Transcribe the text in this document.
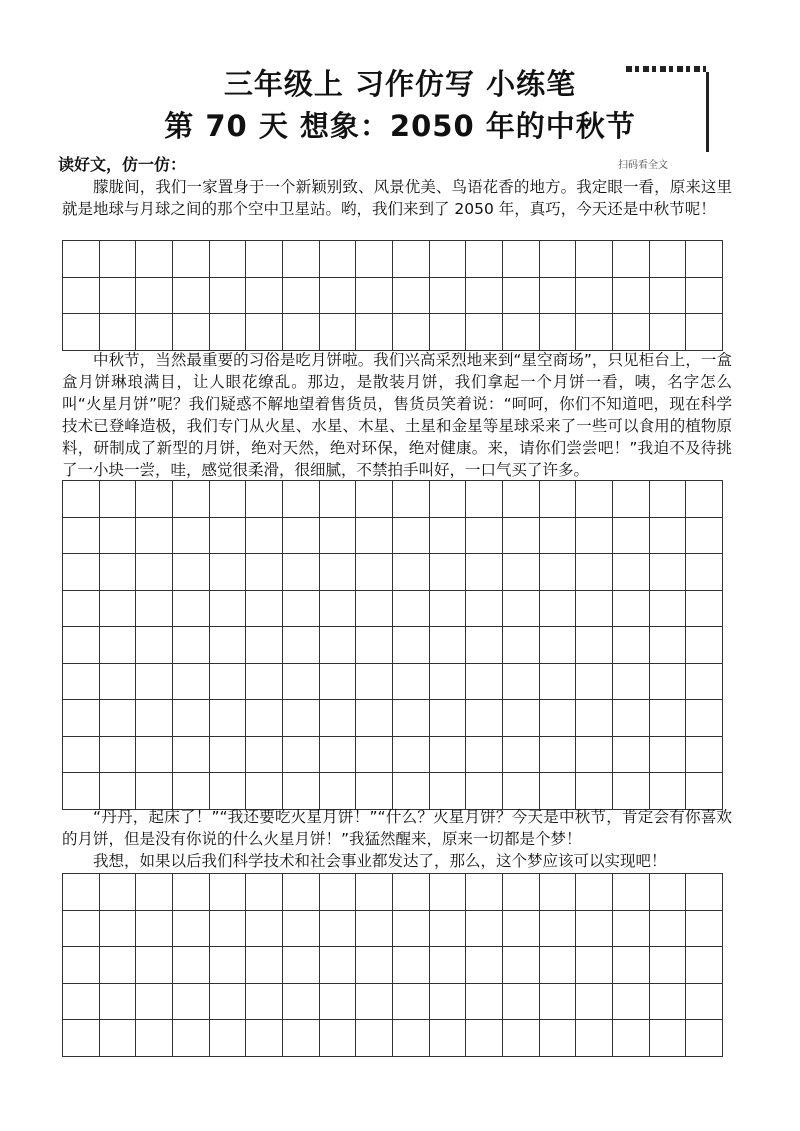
三年级上 习作仿写 小练笔
第 70 天 想象：2050 年的中秋节
扫码看全文
读好文，仿一仿：
朦胧间，我们一家置身于一个新颖别致、风景优美、鸟语花香的地方。我定眼一看，原来这里就是地球与月球之间的那个空中卫星站。哟，我们来到了 2050 年，真巧，今天还是中秋节呢！
中秋节，当然最重要的习俗是吃月饼啦。我们兴高采烈地来到“星空商场”，只见柜台上，一盒盒月饼琳琅满目，让人眼花缭乱。那边，是散装月饼，我们拿起一个月饼一看，咦，名字怎么叫“火星月饼”呢？我们疑惑不解地望着售货员，售货员笑着说：“呵呵，你们不知道吧，现在科学技术已登峰造极，我们专门从火星、水星、木星、土星和金星等星球采来了一些可以食用的植物原料，研制成了新型的月饼，绝对天然，绝对环保，绝对健康。来，请你们尝尝吧！”我迫不及待挑了一小块一尝，哇，感觉很柔滑，很细腻，不禁拍手叫好，一口气买了许多。
“丹丹，起床了！”“我还要吃火星月饼！”“什么？火星月饼？今天是中秋节，肯定会有你喜欢的月饼，但是没有你说的什么火星月饼！”我猛然醒来，原来一切都是个梦！
我想，如果以后我们科学技术和社会事业都发达了，那么，这个梦应该可以实现吧！
